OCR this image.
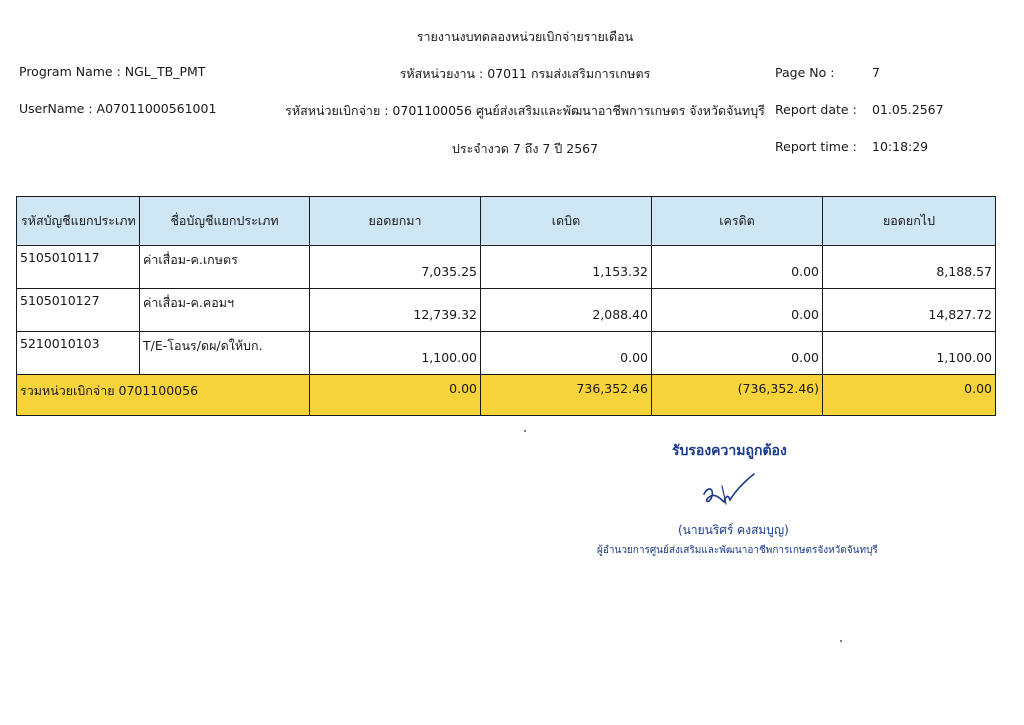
รายงานงบทดลองหน่วยเบิกจ่ายรายเดือน
Program Name : NGL_TB_PMT
UserName : A07011000561001
รหัสหน่วยงาน : 07011 กรมส่งเสริมการเกษตร
รหัสหน่วยเบิกจ่าย : 0701100056 ศูนย์ส่งเสริมและพัฒนาอาชีพการเกษตร จังหวัดจันทบุรี
ประจำงวด 7 ถึง 7 ปี 2567
Page No :	7
Report date : 01.05.2567
Report time : 10:18:29
รหัสบัญชีแยกประเภท	ชื่อบัญชีแยกประเภท	ยอดยกมา	เดบิต	เครดิต	ยอดยกไป
5105010117	ค่าเสื่อม-ค.เกษตร	7,035.25	1,153.32	0.00	8,188.57
5105010127	ค่าเสื่อม-ค.คอมฯ	12,739.32	2,088.40	0.00	14,827.72
5210010103	T/E-โอนร/ดผ/ดให้บก.	1,100.00	0.00	0.00	1,100.00
รวมหน่วยเบิกจ่าย 0701100056		0.00	736,352.46	(736,352.46)	0.00
รับรองความถูกต้อง
(นายนริศร์ คงสมบูญ)
ผู้อำนวยการศูนย์ส่งเสริมและพัฒนาอาชีพการเกษตรจังหวัดจันทบุรี
